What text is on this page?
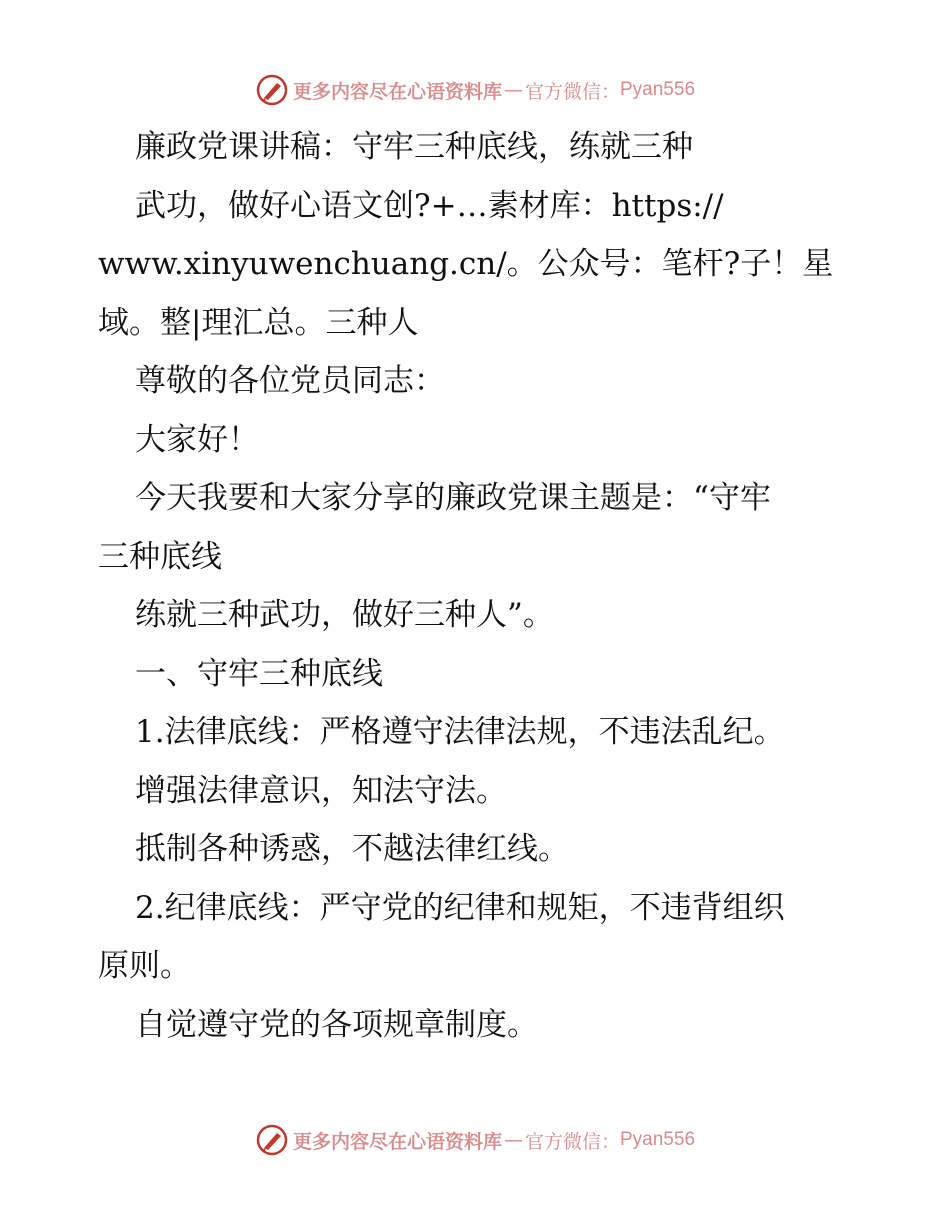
更多内容尽在心语资料库 — 官方微信： Pyan556
廉政党课讲稿：守牢三种底线，练就三种
武功，做好心语文创?+…素材库：https://
www.xinyuwenchuang.cn/。公众号：笔杆?子！星
域。整|理汇总。三种人
尊敬的各位党员同志：
大家好！
今天我要和大家分享的廉政党课主题是：“守牢
三种底线
练就三种武功，做好三种人”。
一、守牢三种底线
1.法律底线：严格遵守法律法规，不违法乱纪。
增强法律意识，知法守法。
抵制各种诱惑，不越法律红线。
2.纪律底线：严守党的纪律和规矩，不违背组织
原则。
自觉遵守党的各项规章制度。
更多内容尽在心语资料库 — 官方微信： Pyan556
